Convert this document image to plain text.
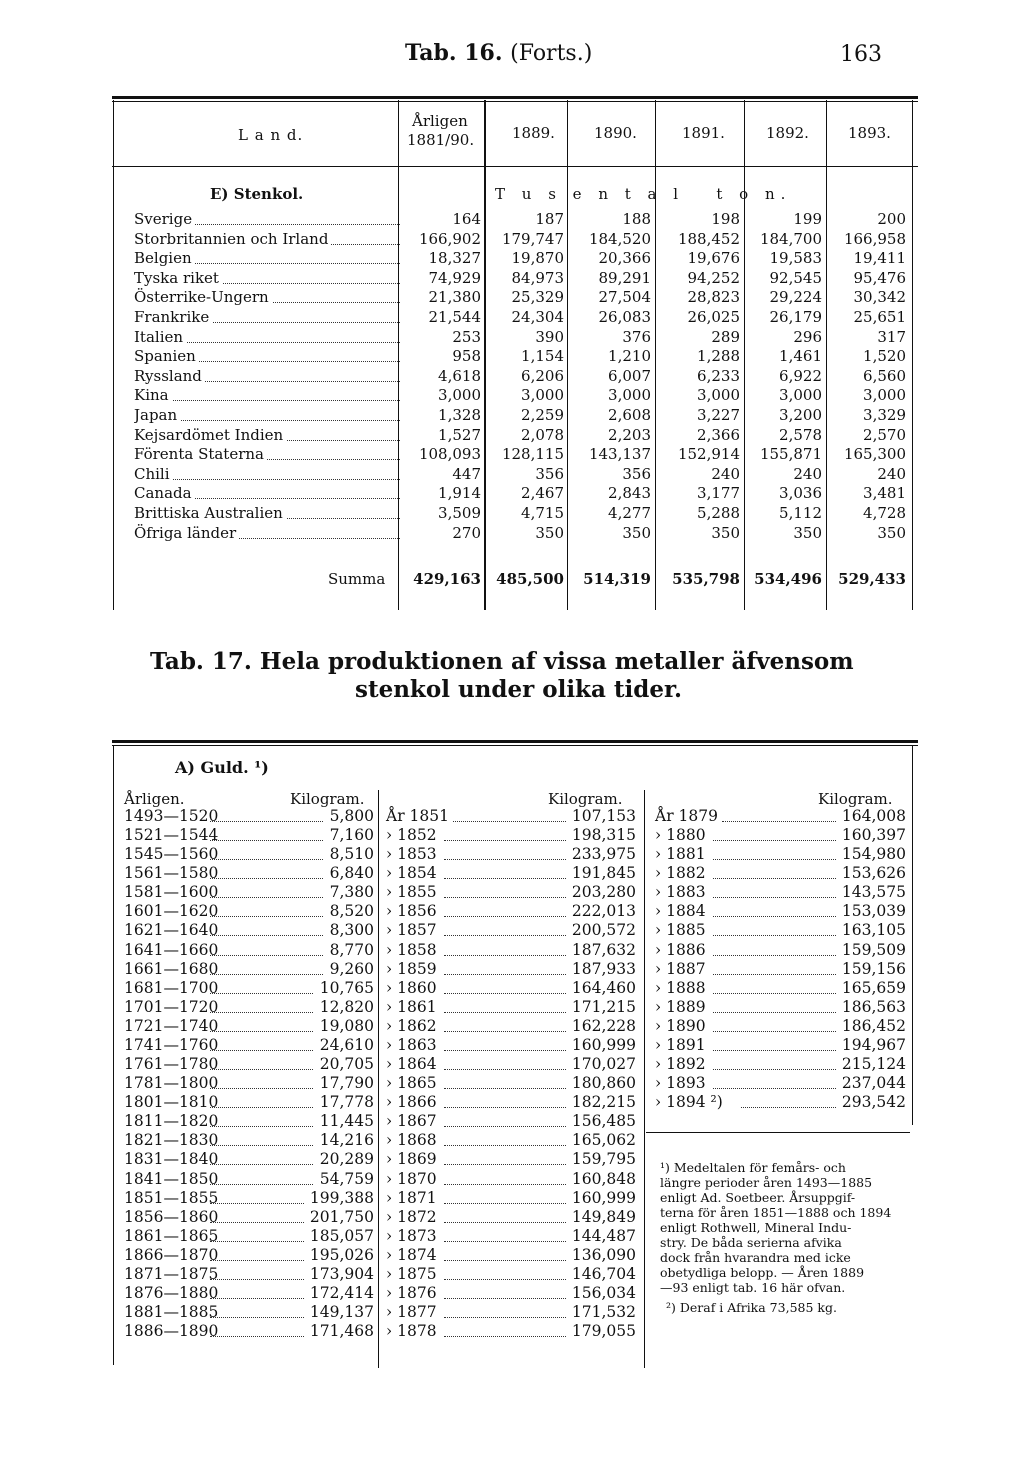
Tab. 16. (Forts.)	163
L a n d.
Årligen
1881/90.	1889.	1890.	1891.	1892.	1893.
E) Stenkol.	T u s e n t a l   t o n.
Sverige	164	187	188	198	199	200
Storbritannien och Irland	166,902 179,747 184,520 188,452 184,700 166,958
Belgien	18,327 19,870 20,366 19,676 19,583 19,411
Tyska riket	74,929 84,973 89,291 94,252 92,545 95,476
Österrike-Ungern	21,380 25,329 27,504 28,823 29,224 30,342
Frankrike	21,544 24,304 26,083 26,025 26,179 25,651
Italien	253	390	376	289	296	317
Spanien	958	1,154	1,210	1,288	1,461	1,520
Ryssland	4,618	6,206	6,007	6,233	6,922	6,560
Kina	3,000	3,000	3,000	3,000	3,000	3,000
Japan	1,328	2,259	2,608	3,227	3,200	3,329
Kejsardömet Indien	1,527	2,078	2,203	2,366	2,578	2,570
Förenta Staterna	108,093 128,115 143,137 152,914 155,871 165,300
Chili	447	356	356	240	240	240
Canada	1,914	2,467	2,843	3,177	3,036	3,481
Brittiska Australien	3,509	4,715	4,277	5,288	5,112	4,728
Öfriga länder	270	350	350	350	350	350
Summa 429,163 485,500 514,319 535,798 534,496 529,433
Tab. 17. Hela produktionen af vissa metaller äfvensom
stenkol under olika tider.
A) Guld. ¹)
Årligen.	Kilogram.	Kilogram.	Kilogram.
1493—1520	5,800
1521—1544	7,160
1545—1560	8,510
1561—1580	6,840
1581—1600	7,380
1601—1620	8,520
1621—1640	8,300
1641—1660	8,770
1661—1680	9,260
1681—1700	10,765
1701—1720	12,820
1721—1740	19,080
1741—1760	24,610
1761—1780	20,705
1781—1800	17,790
1801—1810	17,778
1811—1820	11,445
1821—1830	14,216
1831—1840	20,289
1841—1850	54,759
1851—1855	199,388
1856—1860	201,750
1861—1865	185,057
1866—1870	195,026
1871—1875	173,904
1876—1880	172,414
1881—1885	149,137
1886—1890	171,468
År 1851	107,153
› 1852	198,315
› 1853	233,975
› 1854	191,845
› 1855	203,280
› 1856	222,013
› 1857	200,572
› 1858	187,632
› 1859	187,933
› 1860	164,460
› 1861	171,215
› 1862	162,228
› 1863	160,999
› 1864	170,027
› 1865	180,860
› 1866	182,215
› 1867	156,485
› 1868	165,062
› 1869	159,795
› 1870	160,848
› 1871	160,999
› 1872	149,849
› 1873	144,487
› 1874	136,090
› 1875	146,704
› 1876	156,034
› 1877	171,532
› 1878	179,055
År 1879	164,008
› 1880	160,397
› 1881	154,980
› 1882	153,626
› 1883	143,575
› 1884	153,039
› 1885	163,105
› 1886	159,509
› 1887	159,156
› 1888	165,659
› 1889	186,563
› 1890	186,452
› 1891	194,967
› 1892	215,124
› 1893	237,044
› 1894 ²)	293,542
¹) Medeltalen för femårs- och
längre perioder åren 1493—1885
enligt Ad. Soetbeer. Årsuppgif-
terna för åren 1851—1888 och 1894
enligt Rothwell, Mineral Indu-
stry. De båda serierna afvika
dock från hvarandra med icke
obetydliga belopp. — Åren 1889
—93 enligt tab. 16 här ofvan.
²) Deraf i Afrika 73,585 kg.
